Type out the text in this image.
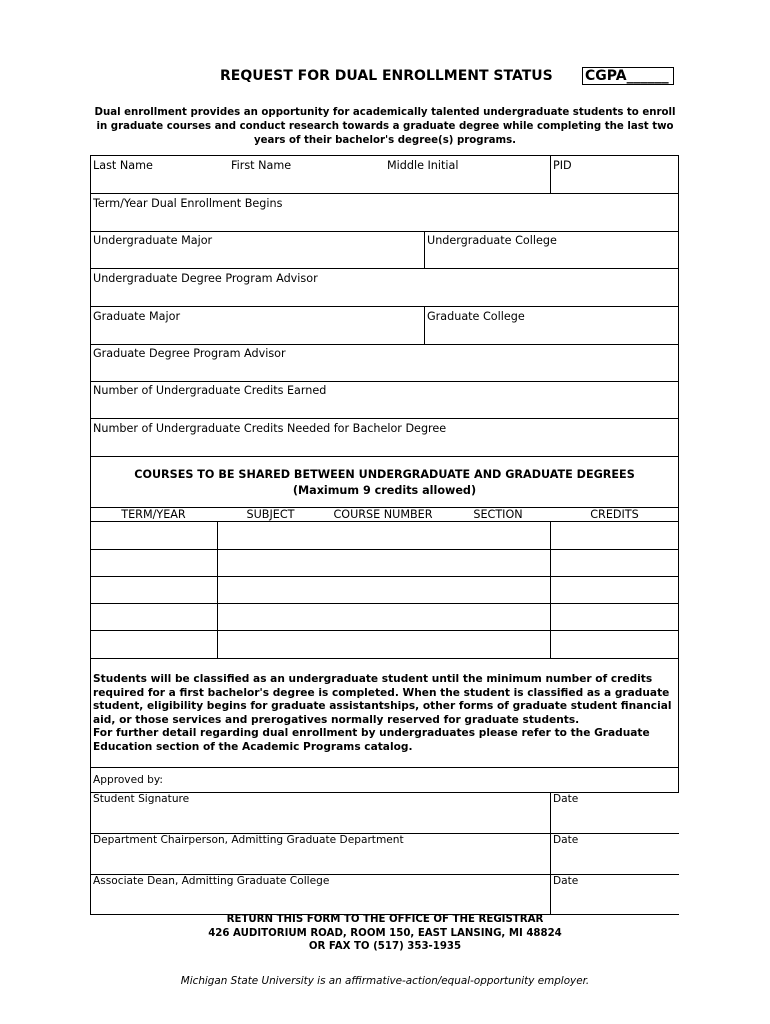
REQUEST FOR DUAL ENROLLMENT STATUS CGPA______
Dual enrollment provides an opportunity for academically talented undergraduate students to enroll in graduate courses and conduct research towards a graduate degree while completing the last two years of their bachelor's degree(s) programs.
Last Name	First Name	Middle Initial	PID
Term/Year Dual Enrollment Begins
Undergraduate Major	Undergraduate College
Undergraduate Degree Program Advisor
Graduate Major	Graduate College
Graduate Degree Program Advisor
Number of Undergraduate Credits Earned
Number of Undergraduate Credits Needed for Bachelor Degree
COURSES TO BE SHARED BETWEEN UNDERGRADUATE AND GRADUATE DEGREES
(Maximum 9 credits allowed)
TERM/YEAR	SUBJECT	COURSE NUMBER	SECTION	CREDITS
Students will be classified as an undergraduate student until the minimum number of credits required for a first bachelor's degree is completed. When the student is classified as a graduate student, eligibility begins for graduate assistantships, other forms of graduate student financial aid, or those services and prerogatives normally reserved for graduate students.
For further detail regarding dual enrollment by undergraduates please refer to the Graduate Education section of the Academic Programs catalog.
Approved by:
Student Signature	Date
Department Chairperson, Admitting Graduate Department	Date
Associate Dean, Admitting Graduate College	Date
RETURN THIS FORM TO THE OFFICE OF THE REGISTRAR
426 AUDITORIUM ROAD, ROOM 150, EAST LANSING, MI 48824
OR FAX TO (517) 353-1935
Michigan State University is an affirmative-action/equal-opportunity employer.
